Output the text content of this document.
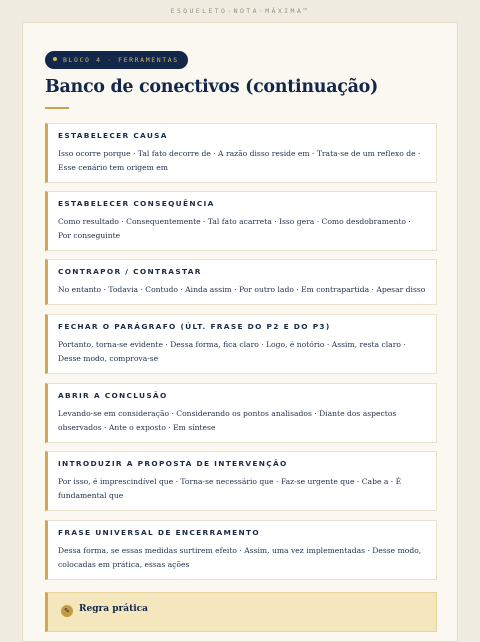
ESQUELETO·NOTA·MÁXIMA™
BLOCO 4 · FERRAMENTAS
Banco de conectivos (continuação)
ESTABELECER CAUSA
Isso ocorre porque · Tal fato decorre de · A razão disso reside em · Trata-se de um reflexo de · Esse cenário tem origem em
ESTABELECER CONSEQUÊNCIA
Como resultado · Consequentemente · Tal fato acarreta · Isso gera · Como desdobramento · Por conseguinte
CONTRAPOR / CONTRASTAR
No entanto · Todavia · Contudo · Ainda assim · Por outro lado · Em contrapartida · Apesar disso
FECHAR O PARÁGRAFO (ÚLT. FRASE DO P2 E DO P3)
Portanto, torna-se evidente · Dessa forma, fica claro · Logo, é notório · Assim, resta claro · Desse modo, comprova-se
ABRIR A CONCLUSÃO
Levando-se em consideração · Considerando os pontos analisados · Diante dos aspectos observados · Ante o exposto · Em síntese
INTRODUZIR A PROPOSTA DE INTERVENÇÃO
Por isso, é imprescindível que · Torna-se necessário que · Faz-se urgente que · Cabe a · É fundamental que
FRASE UNIVERSAL DE ENCERRAMENTO
Dessa forma, se essas medidas surtirem efeito · Assim, uma vez implementadas · Desse modo, colocadas em prática, essas ações
✎	Regra prática
